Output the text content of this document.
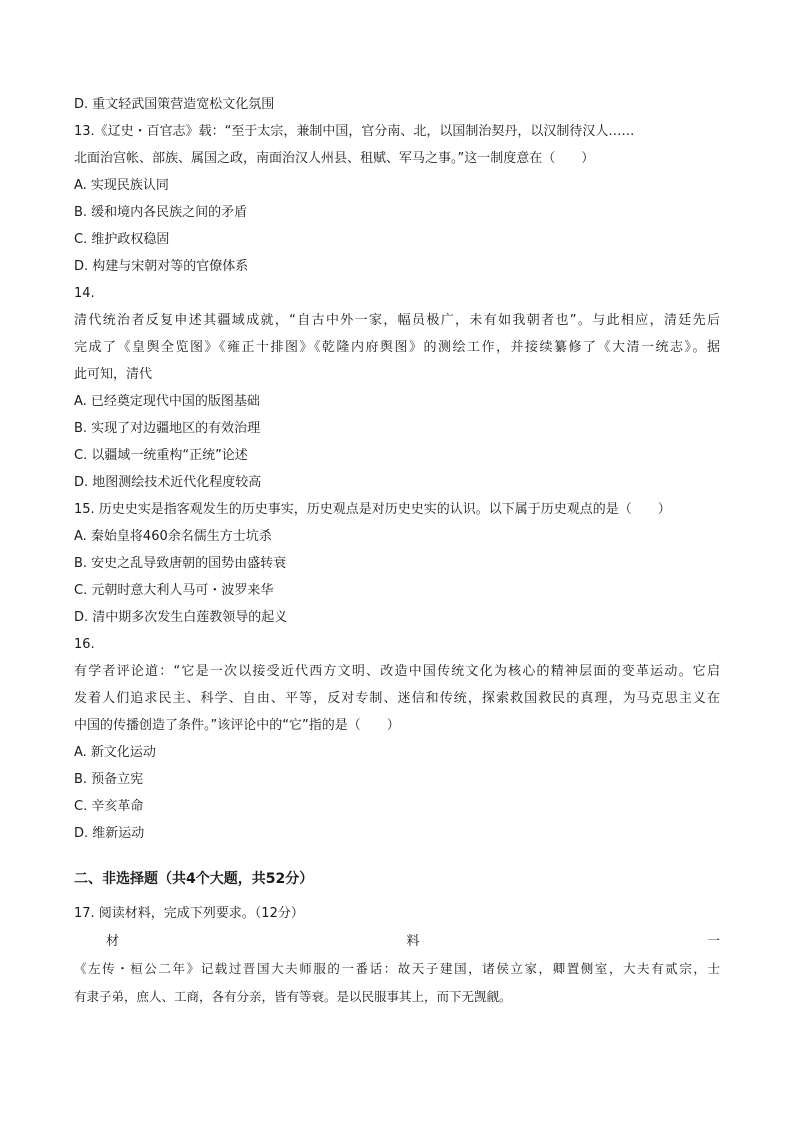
D. 重文轻武国策营造宽松文化氛围
13.《辽史・百官志》载：“至于太宗，兼制中国，官分南、北，以国制治契丹，以汉制待汉人……
北面治宫帐、部族、属国之政，南面治汉人州县、租赋、军马之事。”这一制度意在（　　）
A. 实现民族认同
B. 缓和境内各民族之间的矛盾
C. 维护政权稳固
D. 构建与宋朝对等的官僚体系
14.
清代统治者反复申述其疆域成就，“自古中外一家，幅员极广，未有如我朝者也”。与此相应，清廷先后
完成了《皇舆全览图》《雍正十排图》《乾隆内府舆图》的测绘工作，并接续纂修了《大清一统志》。据
此可知，清代
A. 已经奠定现代中国的版图基础
B. 实现了对边疆地区的有效治理
C. 以疆域一统重构“正统”论述
D. 地图测绘技术近代化程度较高
15. 历史史实是指客观发生的历史事实，历史观点是对历史史实的认识。以下属于历史观点的是（　　）
A. 秦始皇将460余名儒生方士坑杀
B. 安史之乱导致唐朝的国势由盛转衰
C. 元朝时意大利人马可・波罗来华
D. 清中期多次发生白莲教领导的起义
16.
有学者评论道：“它是一次以接受近代西方文明、改造中国传统文化为核心的精神层面的变革运动。它启
发着人们追求民主、科学、自由、平等，反对专制、迷信和传统，探索救国救民的真理，为马克思主义在
中国的传播创造了条件。”该评论中的“它”指的是（　　）
A. 新文化运动
B. 预备立宪
C. 辛亥革命
D. 维新运动
二、非选择题（共4个大题，共52分）
17. 阅读材料，完成下列要求。（12分）
材	料	一
《左传・桓公二年》记载过晋国大夫师服的一番话：故天子建国，诸侯立家，卿置侧室，大夫有贰宗，士
有隶子弟，庶人、工商，各有分亲，皆有等衰。是以民服事其上，而下无觊觎。
